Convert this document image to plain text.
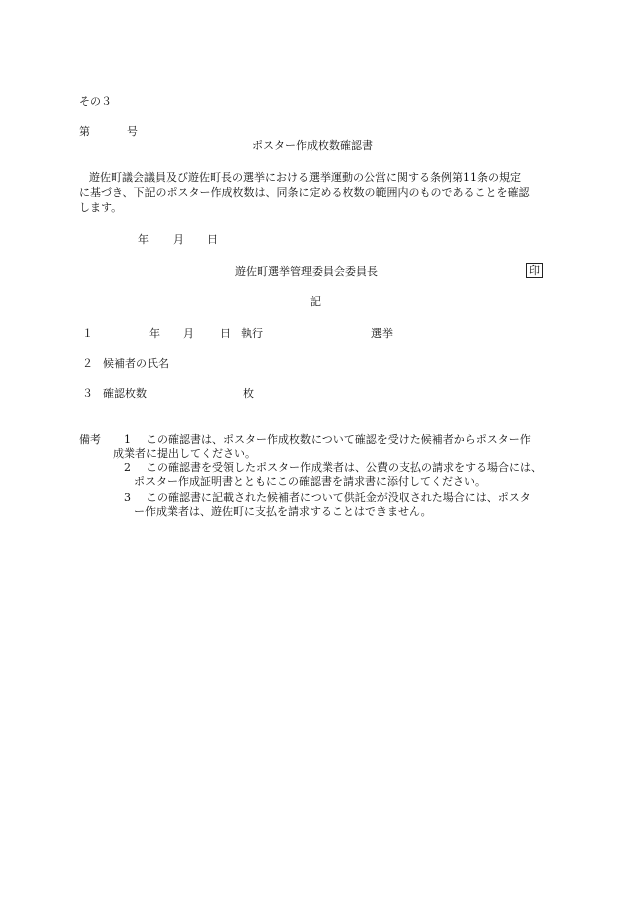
その３
第	号
ポスター作成枚数確認書
遊佐町議会議員及び遊佐町長の選挙における選挙運動の公営に関する条例第11条の規定
に基づき、下記のポスター作成枚数は、同条に定める枚数の範囲内のものであることを確認
します。
年 月 日
遊佐町選挙管理委員会委員長	印
記
１	年 月 日 執行	選挙
２ 候補者の氏名
３ 確認枚数	枚
備考 1 この確認書は、ポスター作成枚数について確認を受けた候補者からポスター作
成業者に提出してください。
2 この確認書を受領したポスター作成業者は、公費の支払の請求をする場合には、
ポスター作成証明書とともにこの確認書を請求書に添付してください。
3 この確認書に記載された候補者について供託金が没収された場合には、ポスタ
ー作成業者は、遊佐町に支払を請求することはできません。
